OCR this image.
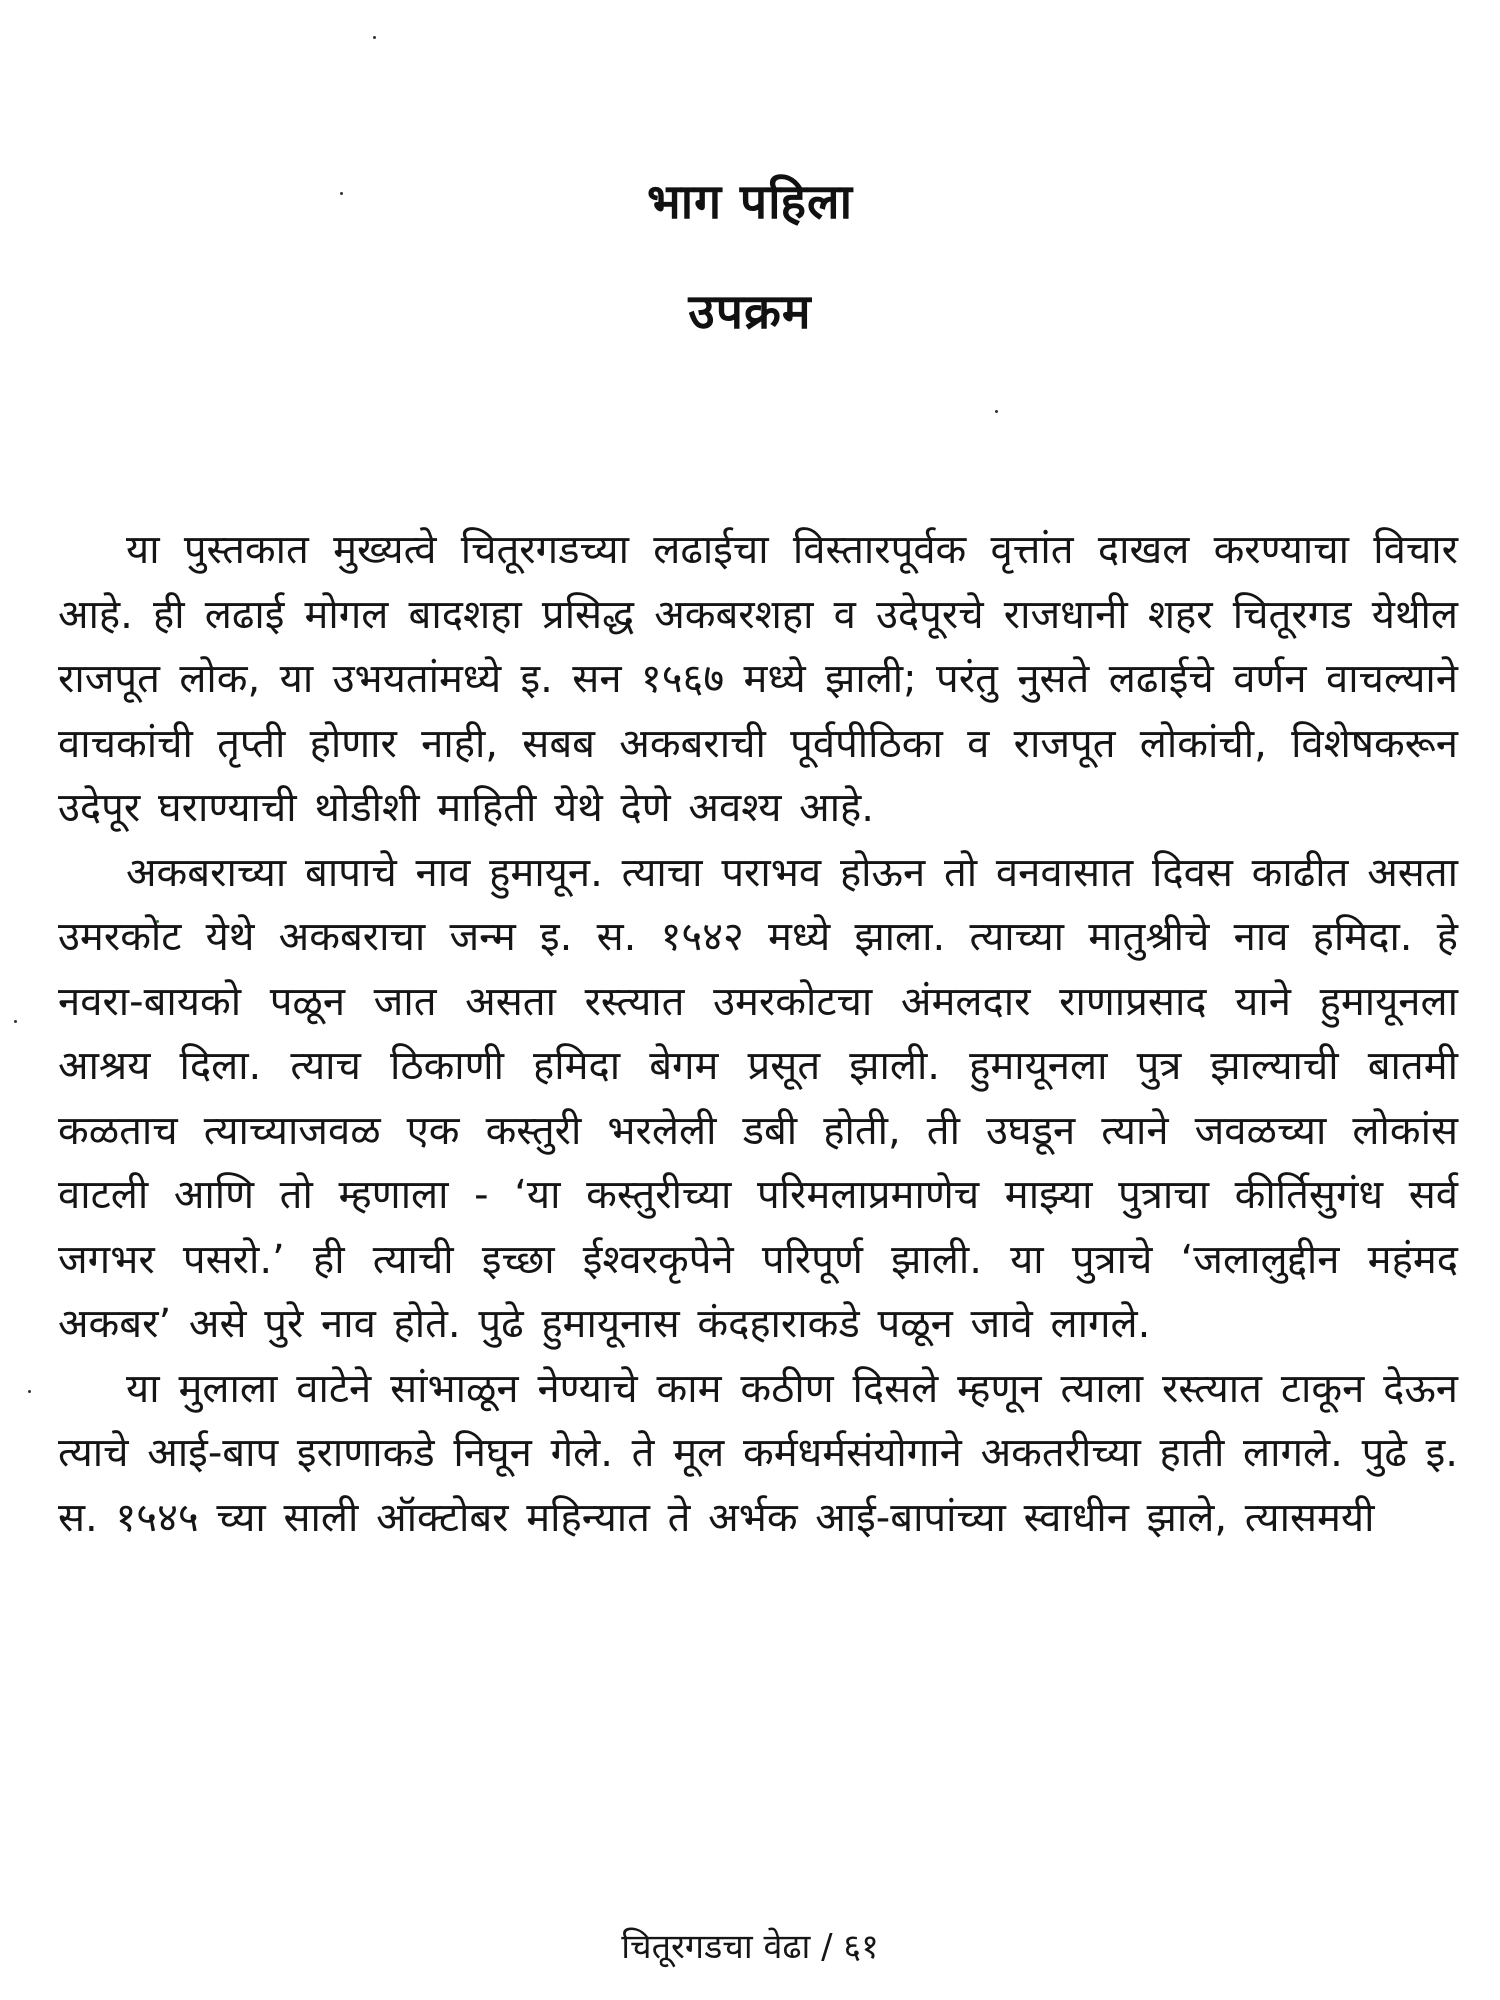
भाग पहिला
उपक्रम

या पुस्तकात मुख्यत्वे चितूरगडच्या लढाईचा विस्तारपूर्वक वृत्तांत दाखल करण्याचा विचार आहे. ही लढाई मोगल बादशहा प्रसिद्ध अकबरशहा व उदेपूरचे राजधानी शहर चितूरगड येथील राजपूत लोक, या उभयतांमध्ये इ. सन १५६७ मध्ये झाली; परंतु नुसते लढाईचे वर्णन वाचल्याने वाचकांची तृप्ती होणार नाही, सबब अकबराची पूर्वपीठिका व राजपूत लोकांची, विशेषकरून उदेपूर घराण्याची थोडीशी माहिती येथे देणे अवश्य आहे.

अकबराच्या बापाचे नाव हुमायून. त्याचा पराभव होऊन तो वनवासात दिवस काढीत असता उमरकोट येथे अकबराचा जन्म इ. स. १५४२ मध्ये झाला. त्याच्या मातुश्रीचे नाव हमिदा. हे नवरा-बायको पळून जात असता रस्त्यात उमरकोटचा अंमलदार राणाप्रसाद याने हुमायूनला आश्रय दिला. त्याच ठिकाणी हमिदा बेगम प्रसूत झाली. हुमायूनला पुत्र झाल्याची बातमी कळताच त्याच्याजवळ एक कस्तुरी भरलेली डबी होती, ती उघडून त्याने जवळच्या लोकांस वाटली आणि तो म्हणाला - ‘या कस्तुरीच्या परिमलाप्रमाणेच माझ्या पुत्राचा कीर्तिसुगंध सर्व जगभर पसरो.’ ही त्याची इच्छा ईश्वरकृपेने परिपूर्ण झाली. या पुत्राचे ‘जलालुद्दीन महंमद अकबर’ असे पुरे नाव होते. पुढे हुमायूनास कंदहाराकडे पळून जावे लागले.

या मुलाला वाटेने सांभाळून नेण्याचे काम कठीण दिसले म्हणून त्याला रस्त्यात टाकून देऊन त्याचे आई-बाप इराणाकडे निघून गेले. ते मूल कर्मधर्मसंयोगाने अकतरीच्या हाती लागले. पुढे इ. स. १५४५ च्या साली ऑक्टोबर महिन्यात ते अर्भक आई-बापांच्या स्वाधीन झाले, त्यासमयी

चितूरगडचा वेढा / ६१
